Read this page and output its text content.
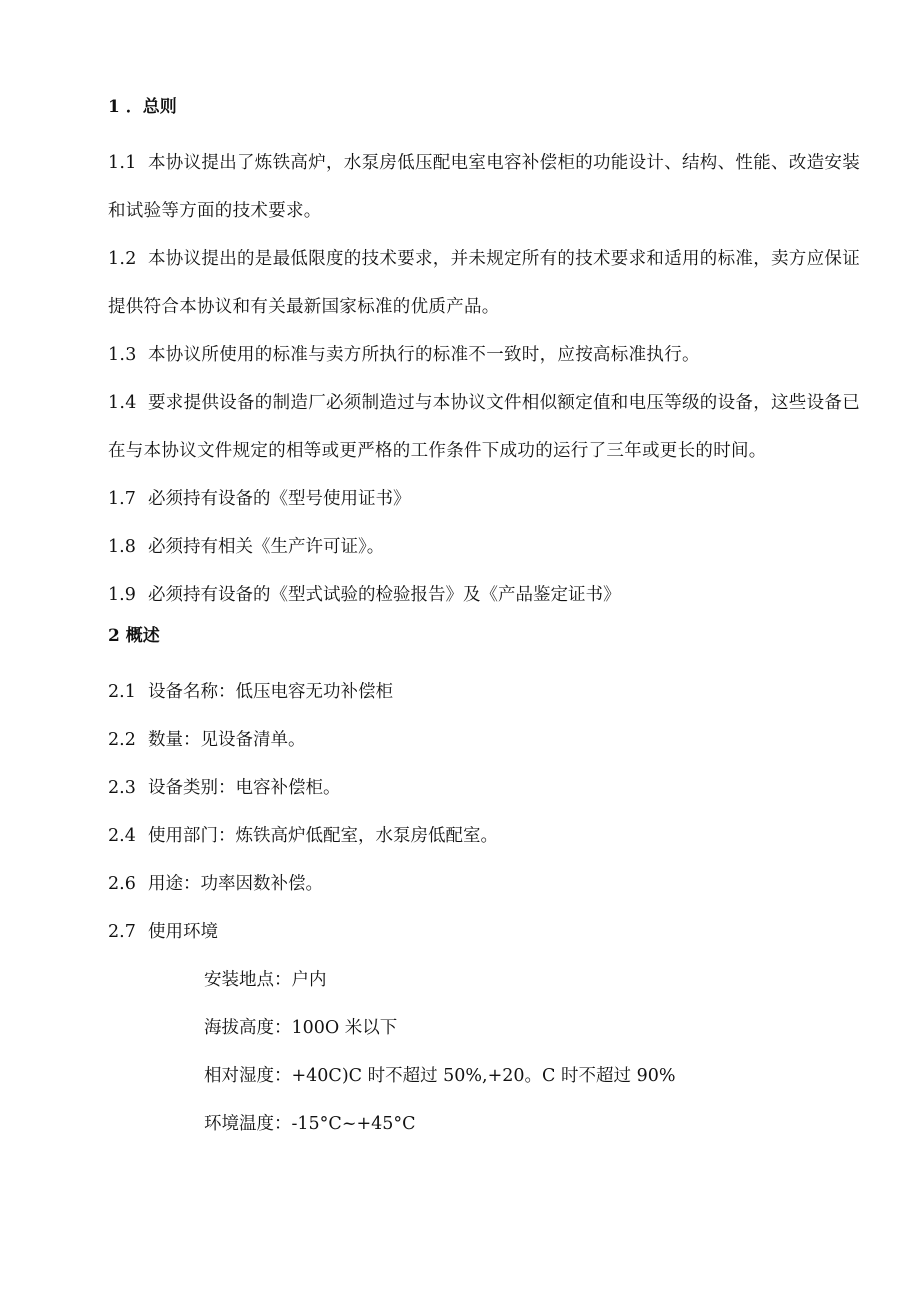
1 ．总则

1.1 本协议提出了炼铁高炉，水泵房低压配电室电容补偿柜的功能设计、结构、性能、改造安装和试验等方面的技术要求。

1.2 本协议提出的是最低限度的技术要求，并未规定所有的技术要求和适用的标准，卖方应保证提供符合本协议和有关最新国家标准的优质产品。

1.3 本协议所使用的标准与卖方所执行的标准不一致时，应按高标准执行。

1.4 要求提供设备的制造厂必须制造过与本协议文件相似额定值和电压等级的设备，这些设备已在与本协议文件规定的相等或更严格的工作条件下成功的运行了三年或更长的时间。

1.7 必须持有设备的《型号使用证书》

1.8 必须持有相关《生产许可证》。

1.9 必须持有设备的《型式试验的检验报告》及《产品鉴定证书》

2 概述

2.1 设备名称：低压电容无功补偿柜

2.2 数量：见设备清单。

2.3 设备类别：电容补偿柜。

2.4 使用部门：炼铁高炉低配室，水泵房低配室。

2.6 用途：功率因数补偿。

2.7 使用环境

安装地点：户内

海拔高度：100O 米以下

相对湿度：+40C)C 时不超过 50%,+20。C 时不超过 90%

环境温度：-15°C~+45°C
